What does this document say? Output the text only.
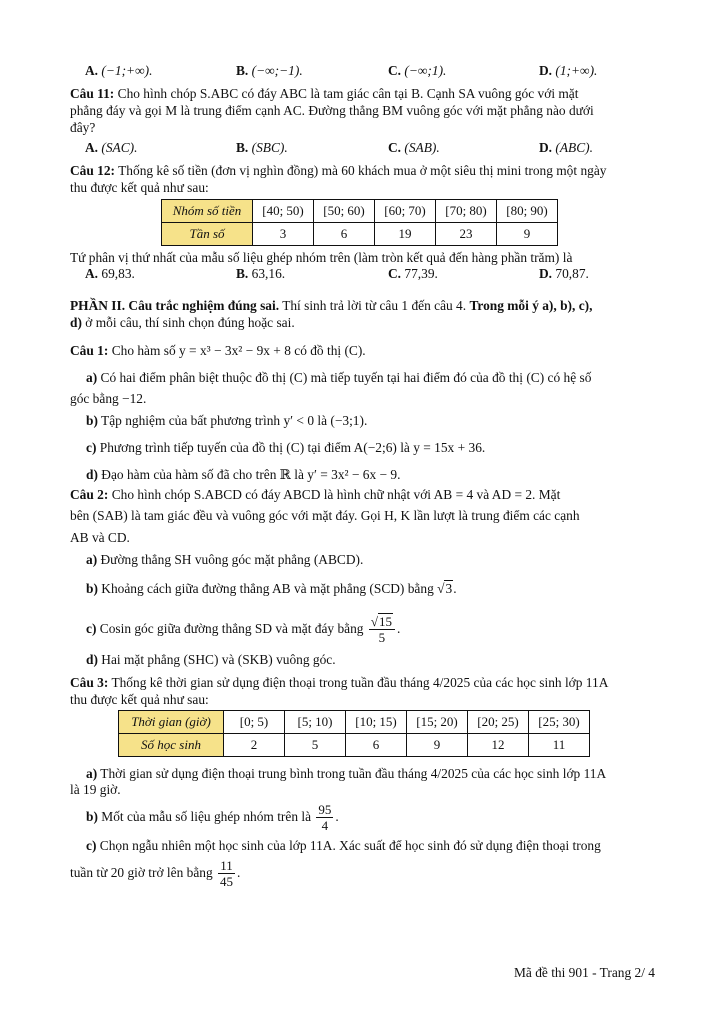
A. (−1;+∞).	B. (−∞;−1).	C. (−∞;1).	D. (1;+∞).
Câu 11: Cho hình chóp S.ABC có đáy ABC là tam giác cân tại B. Cạnh SA vuông góc với mặt
phẳng đáy và gọi M là trung điểm cạnh AC. Đường thẳng BM vuông góc với mặt phẳng nào dưới
đây?
A. (SAC).	B. (SBC).	C. (SAB).	D. (ABC).
Câu 12: Thống kê số tiền (đơn vị nghìn đồng) mà 60 khách mua ở một siêu thị mini trong một ngày
thu được kết quả như sau:
Nhóm số tiền	[40; 50)	[50; 60)	[60; 70)	[70; 80)	[80; 90)
Tần số	3	6	19	23	9
Tứ phân vị thứ nhất của mẫu số liệu ghép nhóm trên (làm tròn kết quả đến hàng phần trăm) là
A. 69,83.	B. 63,16.	C. 77,39.	D. 70,87.
PHẦN II. Câu trắc nghiệm đúng sai. Thí sinh trả lời từ câu 1 đến câu 4. Trong mỗi ý a), b), c),
d) ở mỗi câu, thí sinh chọn đúng hoặc sai.
Câu 1: Cho hàm số y = x³ − 3x² − 9x + 8 có đồ thị (C).
a) Có hai điểm phân biệt thuộc đồ thị (C) mà tiếp tuyến tại hai điểm đó của đồ thị (C) có hệ số
góc bằng −12.
b) Tập nghiệm của bất phương trình y′ < 0 là (−3;1).
c) Phương trình tiếp tuyến của đồ thị (C) tại điểm A(−2;6) là y = 15x + 36.
d) Đạo hàm của hàm số đã cho trên ℝ là y′ = 3x² − 6x − 9.
Câu 2: Cho hình chóp S.ABCD có đáy ABCD là hình chữ nhật với AB = 4 và AD = 2. Mặt
bên (SAB) là tam giác đều và vuông góc với mặt đáy. Gọi H, K lần lượt là trung điểm các cạnh
AB và CD.
a) Đường thẳng SH vuông góc mặt phẳng (ABCD).
b) Khoảng cách giữa đường thẳng AB và mặt phẳng (SCD) bằng √3.
c) Cosin góc giữa đường thẳng SD và mặt đáy bằng $\frac{√15}{5}$ .
d) Hai mặt phẳng (SHC) và (SKB) vuông góc.
Câu 3: Thống kê thời gian sử dụng điện thoại trong tuần đầu tháng 4/2025 của các học sinh lớp 11A
thu được kết quả như sau:
Thời gian (giờ)	[0; 5)	[5; 10)	[10; 15)	[15; 20)	[20; 25)	[25; 30)
Số học sinh	2	5	6	9	12	11
a) Thời gian sử dụng điện thoại trung bình trong tuần đầu tháng 4/2025 của các học sinh lớp 11A
là 19 giờ.
b) Mốt của mẫu số liệu ghép nhóm trên là $\frac{95}{4}$ .
c) Chọn ngẫu nhiên một học sinh của lớp 11A. Xác suất để học sinh đó sử dụng điện thoại trong
tuần từ 20 giờ trở lên bằng $\frac{11}{45}$ .
Mã đề thi 901 - Trang 2/ 4
